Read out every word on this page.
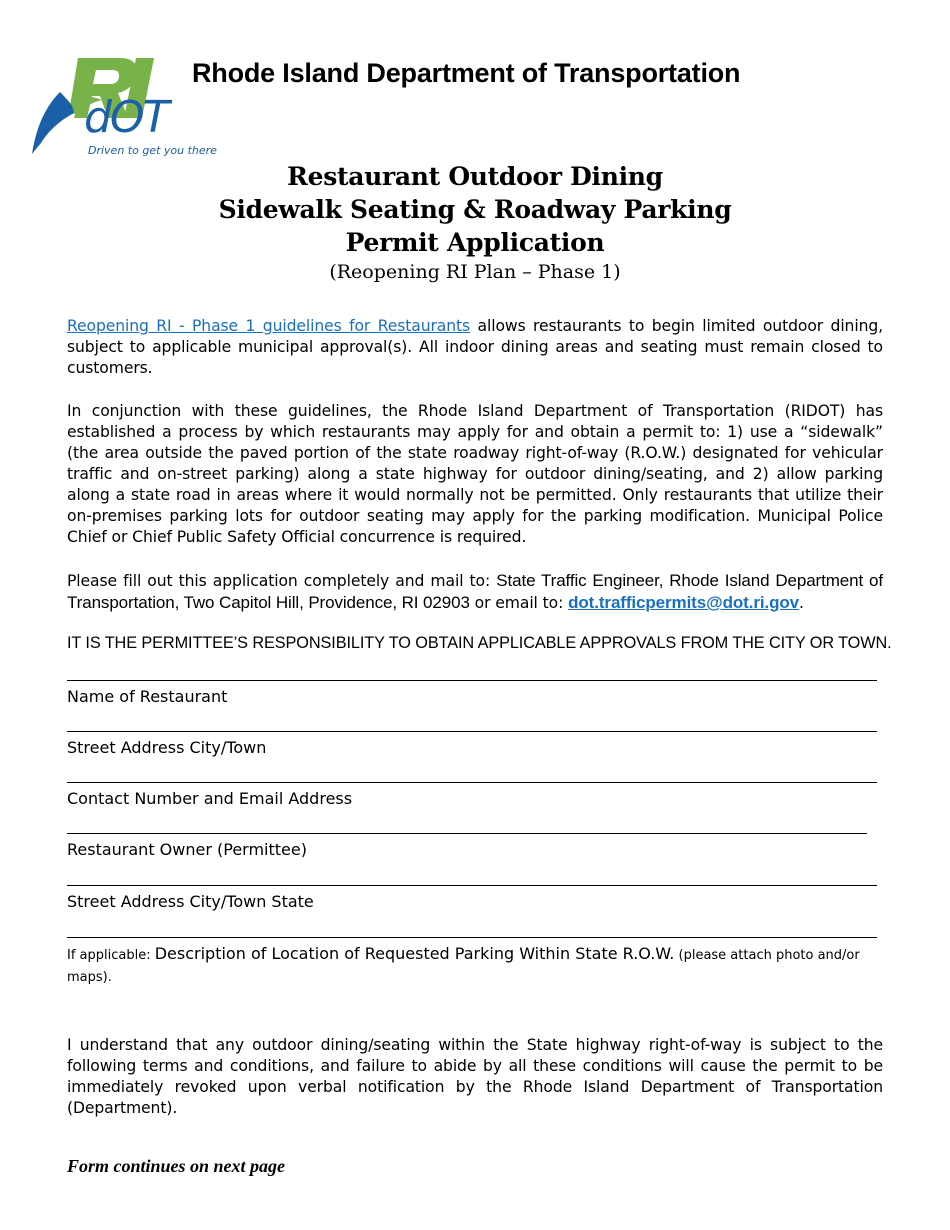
dOT
Driven to get you there
Rhode Island Department of Transportation
Restaurant Outdoor Dining
Sidewalk Seating & Roadway Parking
Permit Application
(Reopening RI Plan – Phase 1)
Reopening RI - Phase 1 guidelines for Restaurants allows restaurants to begin limited outdoor dining, subject to applicable municipal approval(s). All indoor dining areas and seating must remain closed to customers.
In conjunction with these guidelines, the Rhode Island Department of Transportation (RIDOT) has established a process by which restaurants may apply for and obtain a permit to: 1) use a “sidewalk” (the area outside the paved portion of the state roadway right-of-way (R.O.W.) designated for vehicular traffic and on-street parking) along a state highway for outdoor dining/seating, and 2) allow parking along a state road in areas where it would normally not be permitted. Only restaurants that utilize their on-premises parking lots for outdoor seating may apply for the parking modification. Municipal Police Chief or Chief Public Safety Official concurrence is required.
Please fill out this application completely and mail to: State Traffic Engineer, Rhode Island Department of Transportation, Two Capitol Hill, Providence, RI 02903 or email to: dot.trafficpermits@dot.ri.gov.
IT IS THE PERMITTEE’S RESPONSIBILITY TO OBTAIN APPLICABLE APPROVALS FROM THE CITY OR TOWN.
Name of Restaurant
Street Address City/Town
Contact Number and Email Address
Restaurant Owner (Permittee)
Street Address City/Town State
If applicable: Description of Location of Requested Parking Within State R.O.W. (please attach photo and/or maps).
I understand that any outdoor dining/seating within the State highway right-of-way is subject to the following terms and conditions, and failure to abide by all these conditions will cause the permit to be immediately revoked upon verbal notification by the Rhode Island Department of Transportation (Department).
Form continues on next page
